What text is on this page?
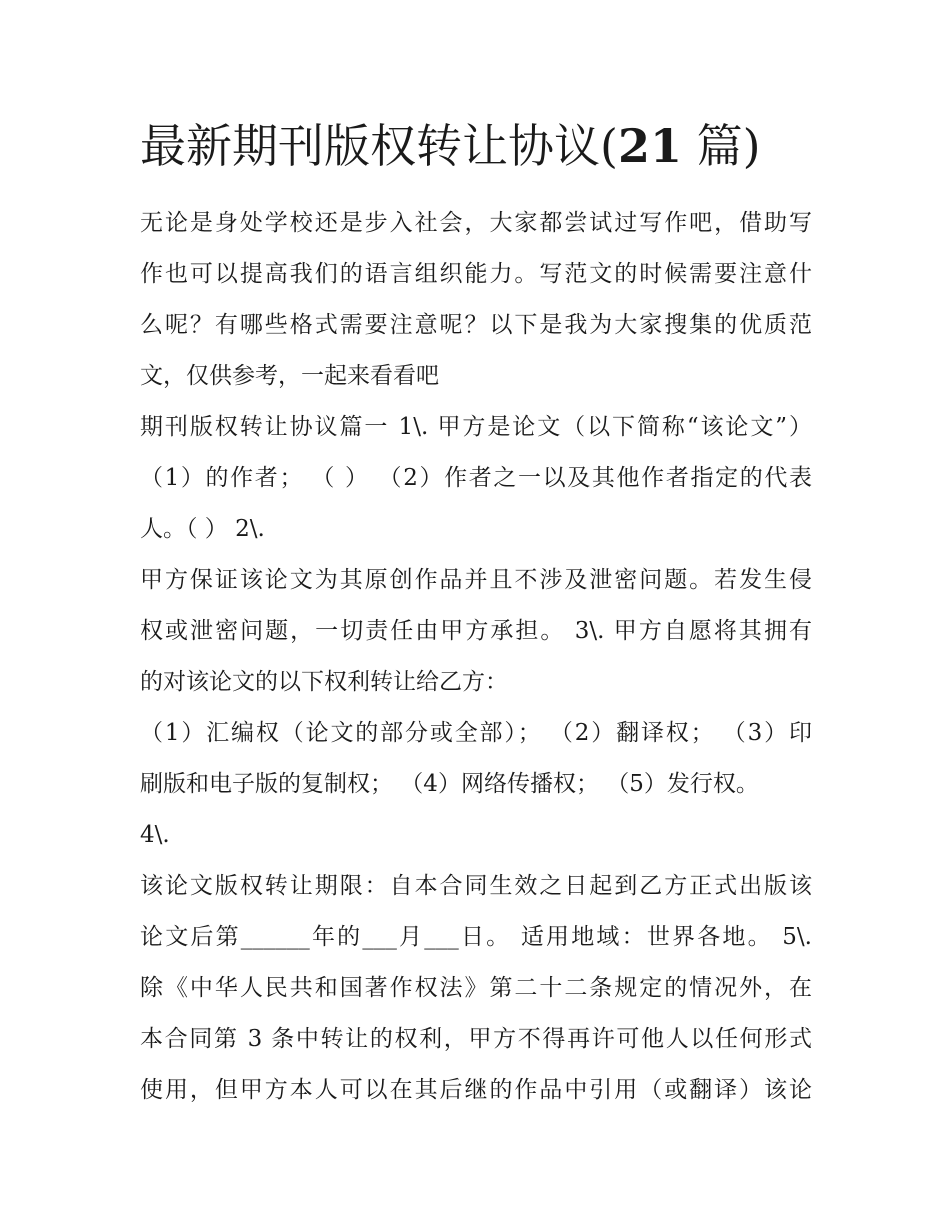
最新期刊版权转让协议(21 篇)
无论是身处学校还是步入社会，大家都尝试过写作吧，借助写
作也可以提高我们的语言组织能力。写范文的时候需要注意什
么呢？有哪些格式需要注意呢？以下是我为大家搜集的优质范
文，仅供参考，一起来看看吧
期刊版权转让协议篇一 1\. 甲方是论文（以下简称“该论文”）
（1）的作者； （ ） （2）作者之一以及其他作者指定的代表
人。（ ） 2\.
甲方保证该论文为其原创作品并且不涉及泄密问题。若发生侵
权或泄密问题，一切责任由甲方承担。 3\. 甲方自愿将其拥有
的对该论文的以下权利转让给乙方：
（1）汇编权（论文的部分或全部）； （2）翻译权； （3）印
刷版和电子版的复制权； （4）网络传播权； （5）发行权。
4\.
该论文版权转让期限：自本合同生效之日起到乙方正式出版该
论文后第______年的___月___日。 适用地域：世界各地。 5\.
除《中华人民共和国著作权法》第二十二条规定的情况外，在
本合同第 3 条中转让的权利，甲方不得再许可他人以任何形式
使用，但甲方本人可以在其后继的作品中引用（或翻译）该论
